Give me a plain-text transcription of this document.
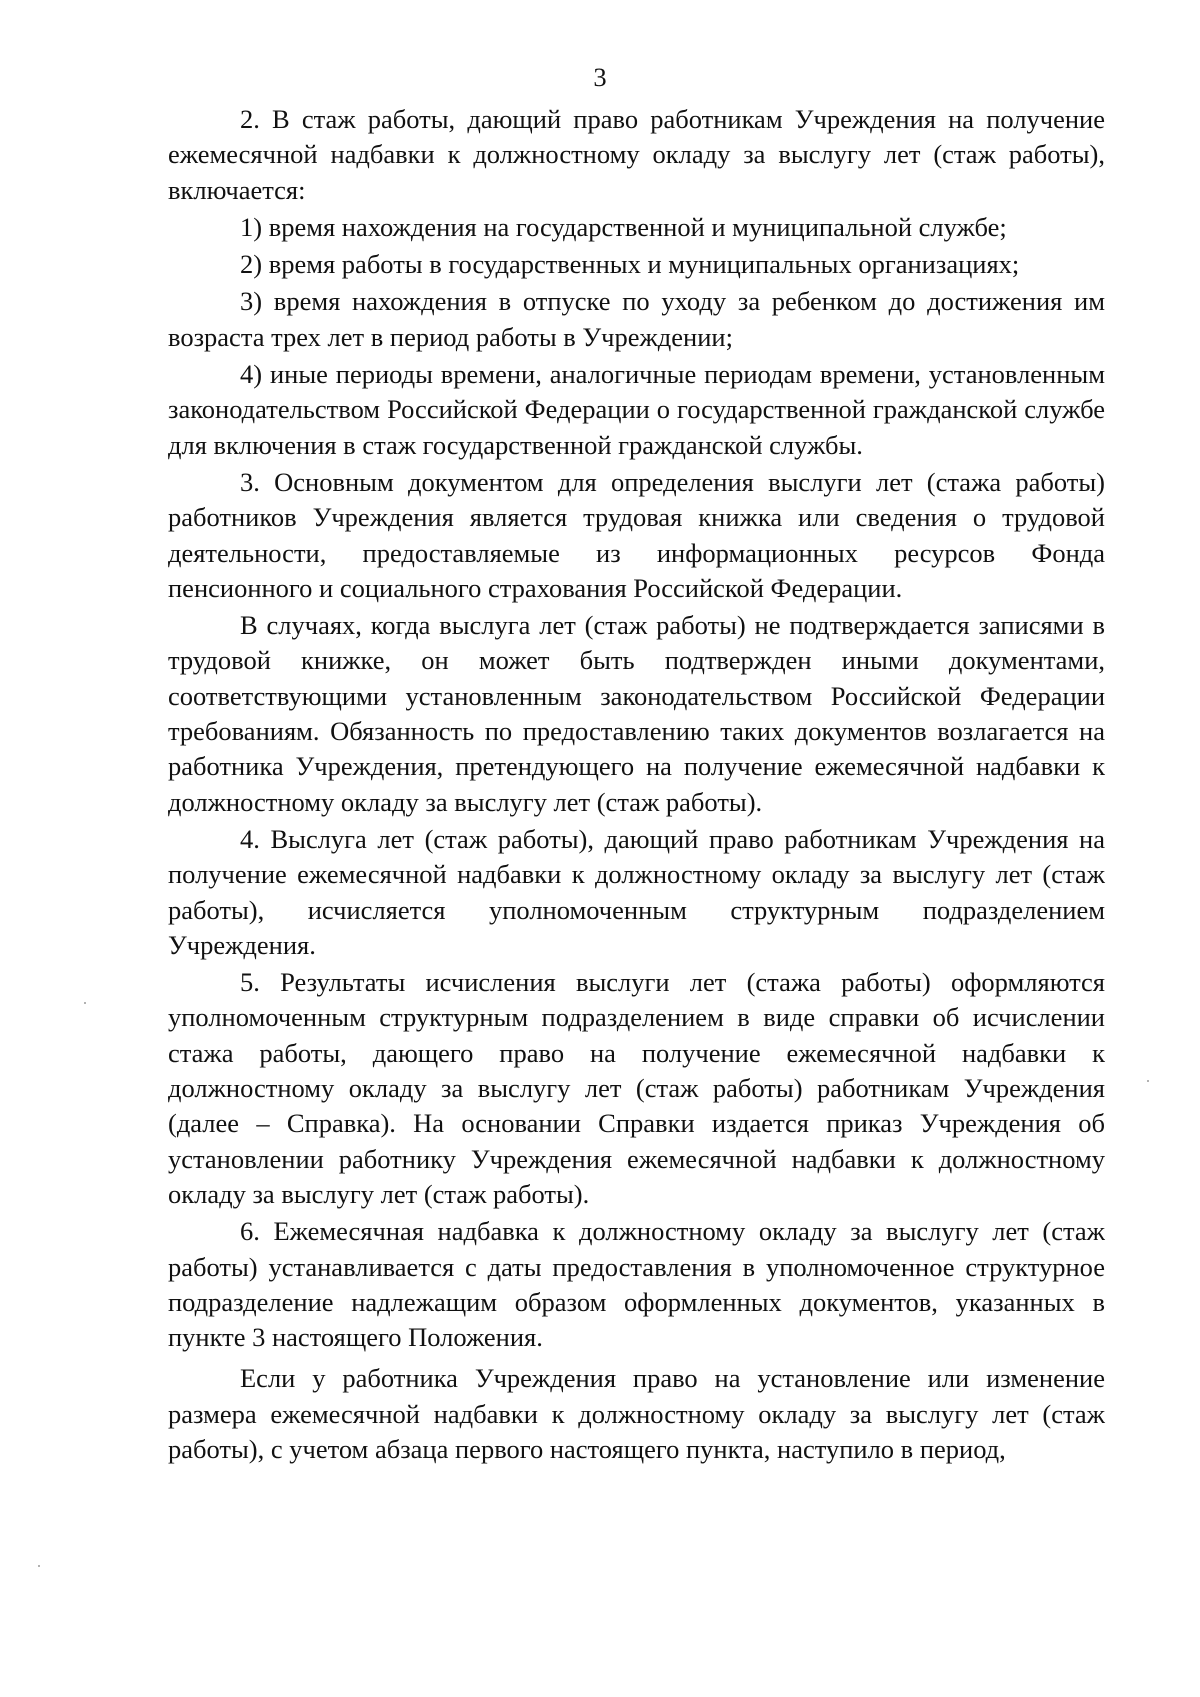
3

2. В стаж работы, дающий право работникам Учреждения на получение ежемесячной надбавки к должностному окладу за выслугу лет (стаж работы), включается:

1) время нахождения на государственной и муниципальной службе;

2) время работы в государственных и муниципальных организациях;

3) время нахождения в отпуске по уходу за ребенком до достижения им возраста трех лет в период работы в Учреждении;

4) иные периоды времени, аналогичные периодам времени, установленным законодательством Российской Федерации о государственной гражданской службе для включения в стаж государственной гражданской службы.

3. Основным документом для определения выслуги лет (стажа работы) работников Учреждения является трудовая книжка или сведения о трудовой деятельности, предоставляемые из информационных ресурсов Фонда пенсионного и социального страхования Российской Федерации.

В случаях, когда выслуга лет (стаж работы) не подтверждается записями в трудовой книжке, он может быть подтвержден иными документами, соответствующими установленным законодательством Российской Федерации требованиям. Обязанность по предоставлению таких документов возлагается на работника Учреждения, претендующего на получение ежемесячной надбавки к должностному окладу за выслугу лет (стаж работы).

4. Выслуга лет (стаж работы), дающий право работникам Учреждения на получение ежемесячной надбавки к должностному окладу за выслугу лет (стаж работы), исчисляется уполномоченным структурным подразделением Учреждения.

5. Результаты исчисления выслуги лет (стажа работы) оформляются уполномоченным структурным подразделением в виде справки об исчислении стажа работы, дающего право на получение ежемесячной надбавки к должностному окладу за выслугу лет (стаж работы) работникам Учреждения (далее – Справка). На основании Справки издается приказ Учреждения об установлении работнику Учреждения ежемесячной надбавки к должностному окладу за выслугу лет (стаж работы).

6. Ежемесячная надбавка к должностному окладу за выслугу лет (стаж работы) устанавливается с даты предоставления в уполномоченное структурное подразделение надлежащим образом оформленных документов, указанных в пункте 3 настоящего Положения.

Если у работника Учреждения право на установление или изменение размера ежемесячной надбавки к должностному окладу за выслугу лет (стаж работы), с учетом абзаца первого настоящего пункта, наступило в период,
